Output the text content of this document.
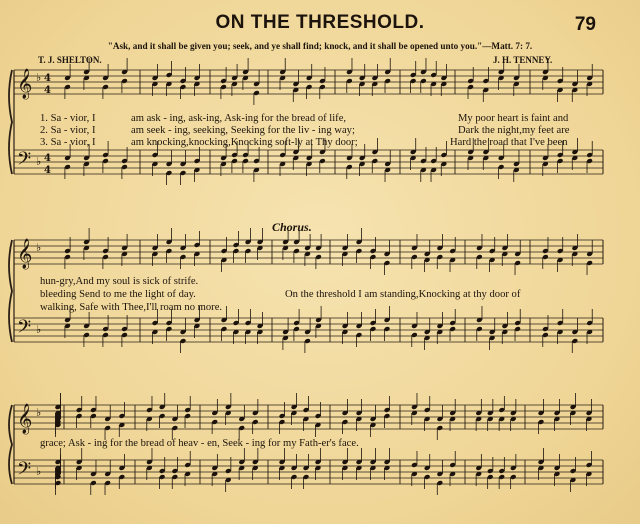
ON THE THRESHOLD.	79
"Ask, and it shall be given you; seek, and ye shall find; knock, and it shall be opened unto you."—Matt. 7: 7.
T. J. SHELTON.	J. H. TENNEY.
𝄞
𝄢
♭
♭
4
4
4
4
𝄞
𝄢
♭
♭
𝄞
𝄢
♭
♭
1. Sa - vior, I	am ask - ing, ask-ing, Ask-ing for the bread of life,	My poor heart is faint and
2. Sa - vior, I	am seek - ing, seeking, Seeking for the liv - ing way;	Dark the night,my feet are
3. Sa - vior, I	am knocking,knocking,Knocking soft-ly at Thy door;	Hard the road that I've been
Chorus.
hun-gry,And my soul is sick of strife.
bleeding Send to me the light of day.	On the threshold I am standing,Knocking at thy door of
walking, Safe with Thee,I'll roam no more.
grace; Ask - ing for the bread of heav - en, Seek - ing for my Fath-er's face.
